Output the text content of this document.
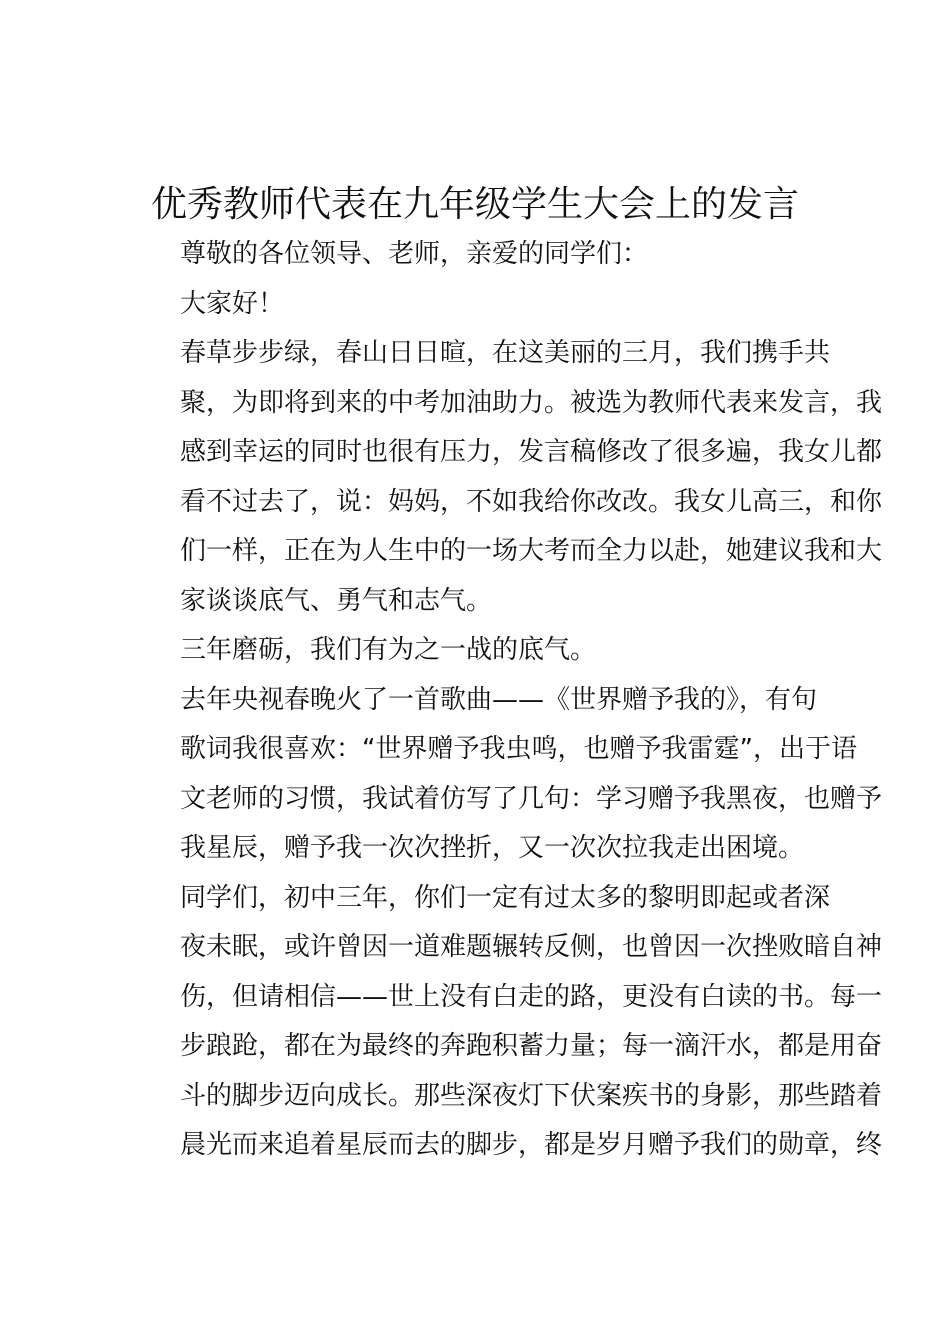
优秀教师代表在九年级学生大会上的发言

尊敬的各位领导、老师，亲爱的同学们：

大家好！

春草步步绿，春山日日暄，在这美丽的三月，我们携手共
聚，为即将到来的中考加油助力。被选为教师代表来发言，我
感到幸运的同时也很有压力，发言稿修改了很多遍，我女儿都
看不过去了，说：妈妈，不如我给你改改。我女儿高三，和你
们一样，正在为人生中的一场大考而全力以赴，她建议我和大
家谈谈底气、勇气和志气。

三年磨砺，我们有为之一战的底气。

去年央视春晚火了一首歌曲——《世界赠予我的》，有句
歌词我很喜欢：“世界赠予我虫鸣，也赠予我雷霆”，出于语
文老师的习惯，我试着仿写了几句：学习赠予我黑夜，也赠予
我星辰，赠予我一次次挫折，又一次次拉我走出困境。

同学们，初中三年，你们一定有过太多的黎明即起或者深
夜未眠，或许曾因一道难题辗转反侧，也曾因一次挫败暗自神
伤，但请相信——世上没有白走的路，更没有白读的书。每一
步踉跄，都在为最终的奔跑积蓄力量；每一滴汗水，都是用奋
斗的脚步迈向成长。那些深夜灯下伏案疾书的身影，那些踏着
晨光而来追着星辰而去的脚步，都是岁月赠予我们的勋章，终
